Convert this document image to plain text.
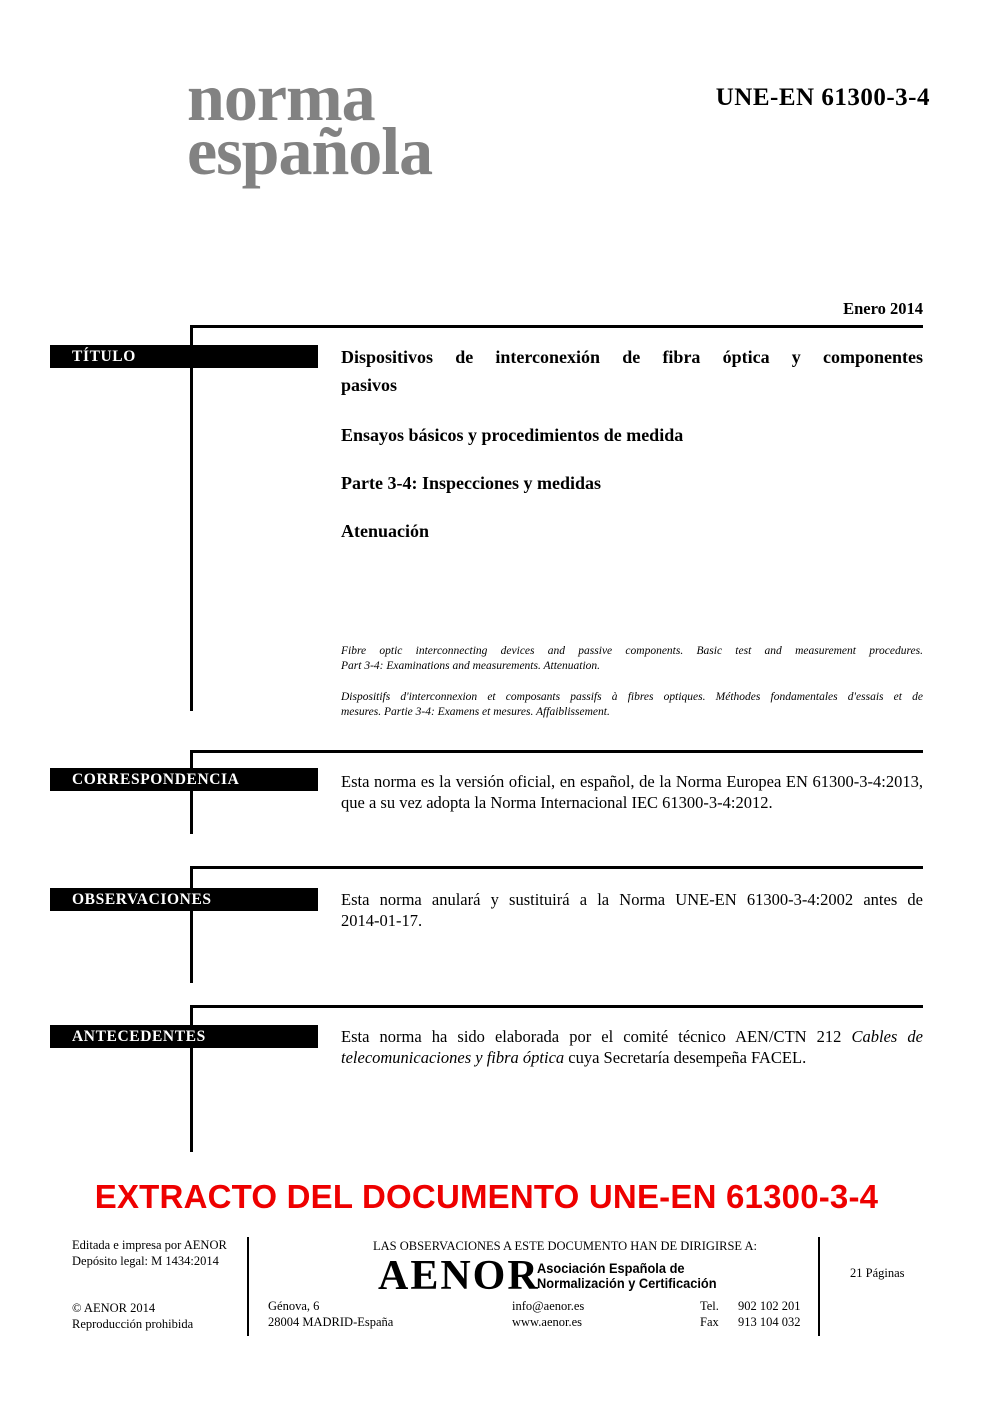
norma
española
UNE-EN 61300-3-4
Enero 2014
TÍTULO	Dispositivos de interconexión de fibra óptica y componentes
pasivos
Ensayos básicos y procedimientos de medida
Parte 3-4: Inspecciones y medidas
Atenuación
Fibre optic interconnecting devices and passive components. Basic test and measurement procedures.
Part 3-4: Examinations and measurements. Attenuation.
Dispositifs d'interconnexion et composants passifs à fibres optiques. Méthodes fondamentales d'essais et de
mesures. Partie 3-4: Examens et mesures. Affaiblissement.
CORRESPONDENCIA	Esta norma es la versión oficial, en español, de la Norma Europea EN 61300-3-4:2013,
que a su vez adopta la Norma Internacional IEC 61300-3-4:2012.
OBSERVACIONES	Esta norma anulará y sustituirá a la Norma UNE-EN 61300-3-4:2002 antes de
2014-01-17.
ANTECEDENTES	Esta norma ha sido elaborada por el comité técnico AEN/CTN 212 Cables de
telecomunicaciones y fibra óptica cuya Secretaría desempeña FACEL.
EXTRACTO DEL DOCUMENTO UNE-EN 61300-3-4
Editada e impresa por AENOR
Depósito legal: M 1434:2014
© AENOR 2014
Reproducción prohibida
LAS OBSERVACIONES A ESTE DOCUMENTO HAN DE DIRIGIRSE A:
AENOR
Asociación Española de
Normalización y Certificación
Génova, 6
28004 MADRID-España
info@aenor.es
www.aenor.es
Tel.	902 102 201
Fax	913 104 032
21 Páginas
